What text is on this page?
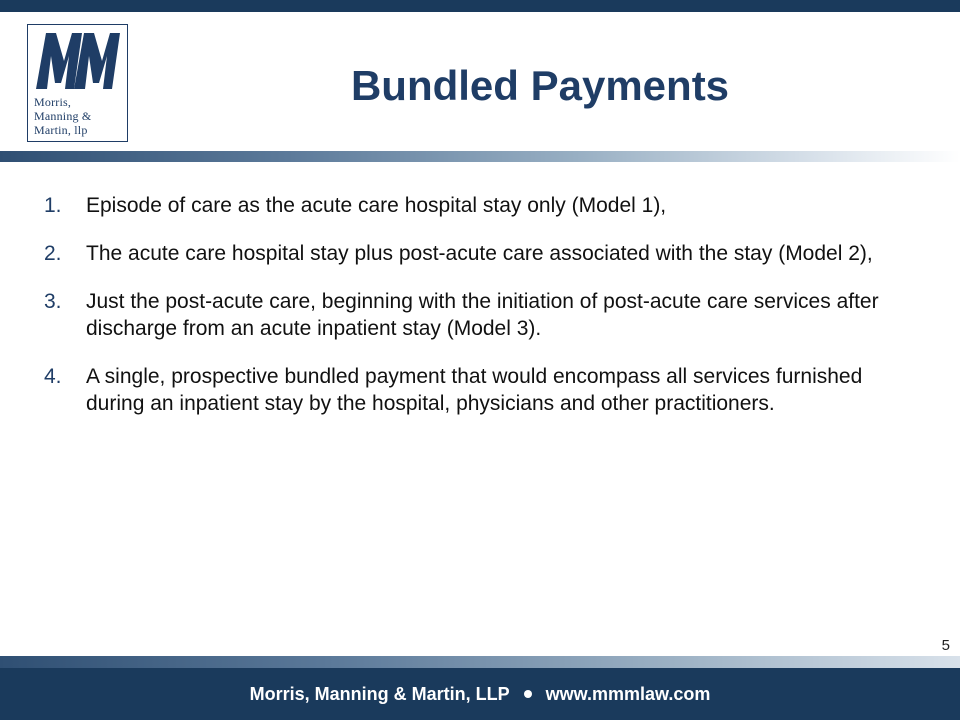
Morris,
Manning &
Martin, llp
Bundled Payments
1.	Episode of care as the acute care hospital stay only (Model 1),
2.	The acute care hospital stay plus post-acute care associated with the stay (Model 2),
3.	Just the post-acute care, beginning with the initiation of post-acute care services after discharge from an acute inpatient stay (Model 3).
4.	A single, prospective bundled payment that would encompass all services furnished during an inpatient stay by the hospital, physicians and other practitioners.
5
Morris, Manning & Martin, LLP www.mmmlaw.com
